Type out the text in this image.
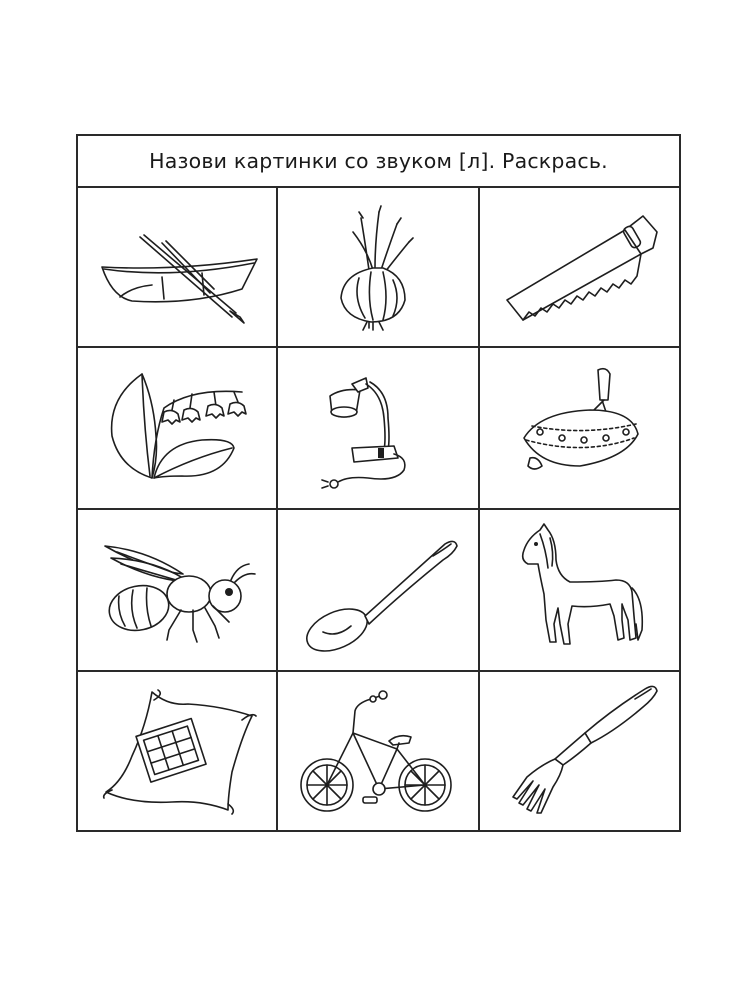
Назови картинки со звуком [л]. Раскрась.
